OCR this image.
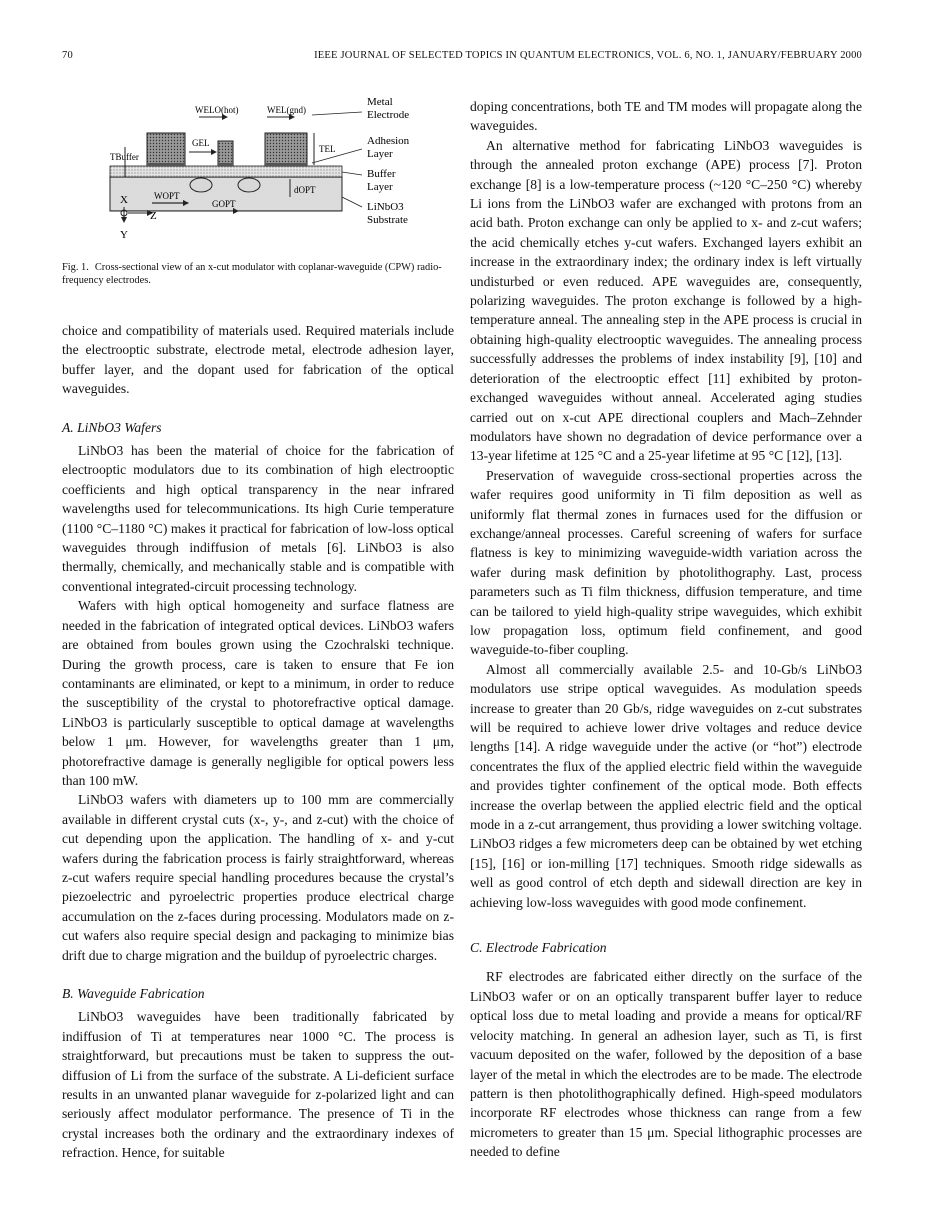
70	IEEE JOURNAL OF SELECTED TOPICS IN QUANTUM ELECTRONICS, VOL. 6, NO. 1, JANUARY/FEBRUARY 2000
Metal
Electrode
Adhesion
Layer
Buffer
Layer
LiNbO3
Substrate
WELO(hot)	WEL(gnd)
GEL
TEL
TBuffer
WOPT
GOPT
dOPT
X
Z
Y
Fig. 1. Cross-sectional view of an x-cut modulator with coplanar-waveguide (CPW) radio-frequency electrodes.

choice and compatibility of materials used. Required materials include the electrooptic substrate, electrode metal, electrode adhesion layer, buffer layer, and the dopant used for fabrication of the optical waveguides.

A. LiNbO3 Wafers

LiNbO3 has been the material of choice for the fabrication of electrooptic modulators due to its combination of high electrooptic coefficients and high optical transparency in the near infrared wavelengths used for telecommunications. Its high Curie temperature (1100 °C–1180 °C) makes it practical for fabrication of low-loss optical waveguides through indiffusion of metals [6]. LiNbO3 is also thermally, chemically, and mechanically stable and is compatible with conventional integrated-circuit processing technology.

Wafers with high optical homogeneity and surface flatness are needed in the fabrication of integrated optical devices. LiNbO3 wafers are obtained from boules grown using the Czochralski technique. During the growth process, care is taken to ensure that Fe ion contaminants are eliminated, or kept to a minimum, in order to reduce the susceptibility of the crystal to photorefractive optical damage. LiNbO3 is particularly susceptible to optical damage at wavelengths below 1 μm. However, for wavelengths greater than 1 μm, photorefractive damage is generally negligible for optical powers less than 100 mW.

LiNbO3 wafers with diameters up to 100 mm are commercially available in different crystal cuts (x-, y-, and z-cut) with the choice of cut depending upon the application. The handling of x- and y-cut wafers during the fabrication process is fairly straightforward, whereas z-cut wafers require special handling procedures because the crystal’s piezoelectric and pyroelectric properties produce electrical charge accumulation on the z-faces during processing. Modulators made on z-cut wafers also require special design and packaging to minimize bias drift due to charge migration and the buildup of pyroelectric charges.

B. Waveguide Fabrication

LiNbO3 waveguides have been traditionally fabricated by indiffusion of Ti at temperatures near 1000 °C. The process is straightforward, but precautions must be taken to suppress the out-diffusion of Li from the surface of the substrate. A Li-deficient surface results in an unwanted planar waveguide for z-polarized light and can seriously affect modulator performance. The presence of Ti in the crystal increases both the ordinary and the extraordinary indexes of refraction. Hence, for suitable

doping concentrations, both TE and TM modes will propagate along the waveguides.

An alternative method for fabricating LiNbO3 waveguides is through the annealed proton exchange (APE) process [7]. Proton exchange [8] is a low-temperature process (~120 °C–250 °C) whereby Li ions from the LiNbO3 wafer are exchanged with protons from an acid bath. Proton exchange can only be applied to x- and z-cut wafers; the acid chemically etches y-cut wafers. Exchanged layers exhibit an increase in the extraordinary index; the ordinary index is left virtually undisturbed or even reduced. APE waveguides are, consequently, polarizing waveguides. The proton exchange is followed by a high-temperature anneal. The annealing step in the APE process is crucial in obtaining high-quality electrooptic waveguides. The annealing process successfully addresses the problems of index instability [9], [10] and deterioration of the electrooptic effect [11] exhibited by proton-exchanged waveguides without anneal. Accelerated aging studies carried out on x-cut APE directional couplers and Mach–Zehnder modulators have shown no degradation of device performance over a 13-year lifetime at 125 °C and a 25-year lifetime at 95 °C [12], [13].

Preservation of waveguide cross-sectional properties across the wafer requires good uniformity in Ti film deposition as well as uniformly flat thermal zones in furnaces used for the diffusion or exchange/anneal processes. Careful screening of wafers for surface flatness is key to minimizing waveguide-width variation across the wafer during mask definition by photolithography. Last, process parameters such as Ti film thickness, diffusion temperature, and time can be tailored to yield high-quality stripe waveguides, which exhibit low propagation loss, optimum field confinement, and good waveguide-to-fiber coupling.

Almost all commercially available 2.5- and 10-Gb/s LiNbO3 modulators use stripe optical waveguides. As modulation speeds increase to greater than 20 Gb/s, ridge waveguides on z-cut substrates will be required to achieve lower drive voltages and reduce device lengths [14]. A ridge waveguide under the active (or “hot”) electrode concentrates the flux of the applied electric field within the waveguide and provides tighter confinement of the optical mode. Both effects increase the overlap between the applied electric field and the optical mode in a z-cut arrangement, thus providing a lower switching voltage. LiNbO3 ridges a few micrometers deep can be obtained by wet etching [15], [16] or ion-milling [17] techniques. Smooth ridge sidewalls as well as good control of etch depth and sidewall direction are key in achieving low-loss waveguides with good mode confinement.

C. Electrode Fabrication

RF electrodes are fabricated either directly on the surface of the LiNbO3 wafer or on an optically transparent buffer layer to reduce optical loss due to metal loading and provide a means for optical/RF velocity matching. In general an adhesion layer, such as Ti, is first vacuum deposited on the wafer, followed by the deposition of a base layer of the metal in which the electrodes are to be made. The electrode pattern is then photolithographically defined. High-speed modulators incorporate RF electrodes whose thickness can range from a few micrometers to greater than 15 μm. Special lithographic processes are needed to define
